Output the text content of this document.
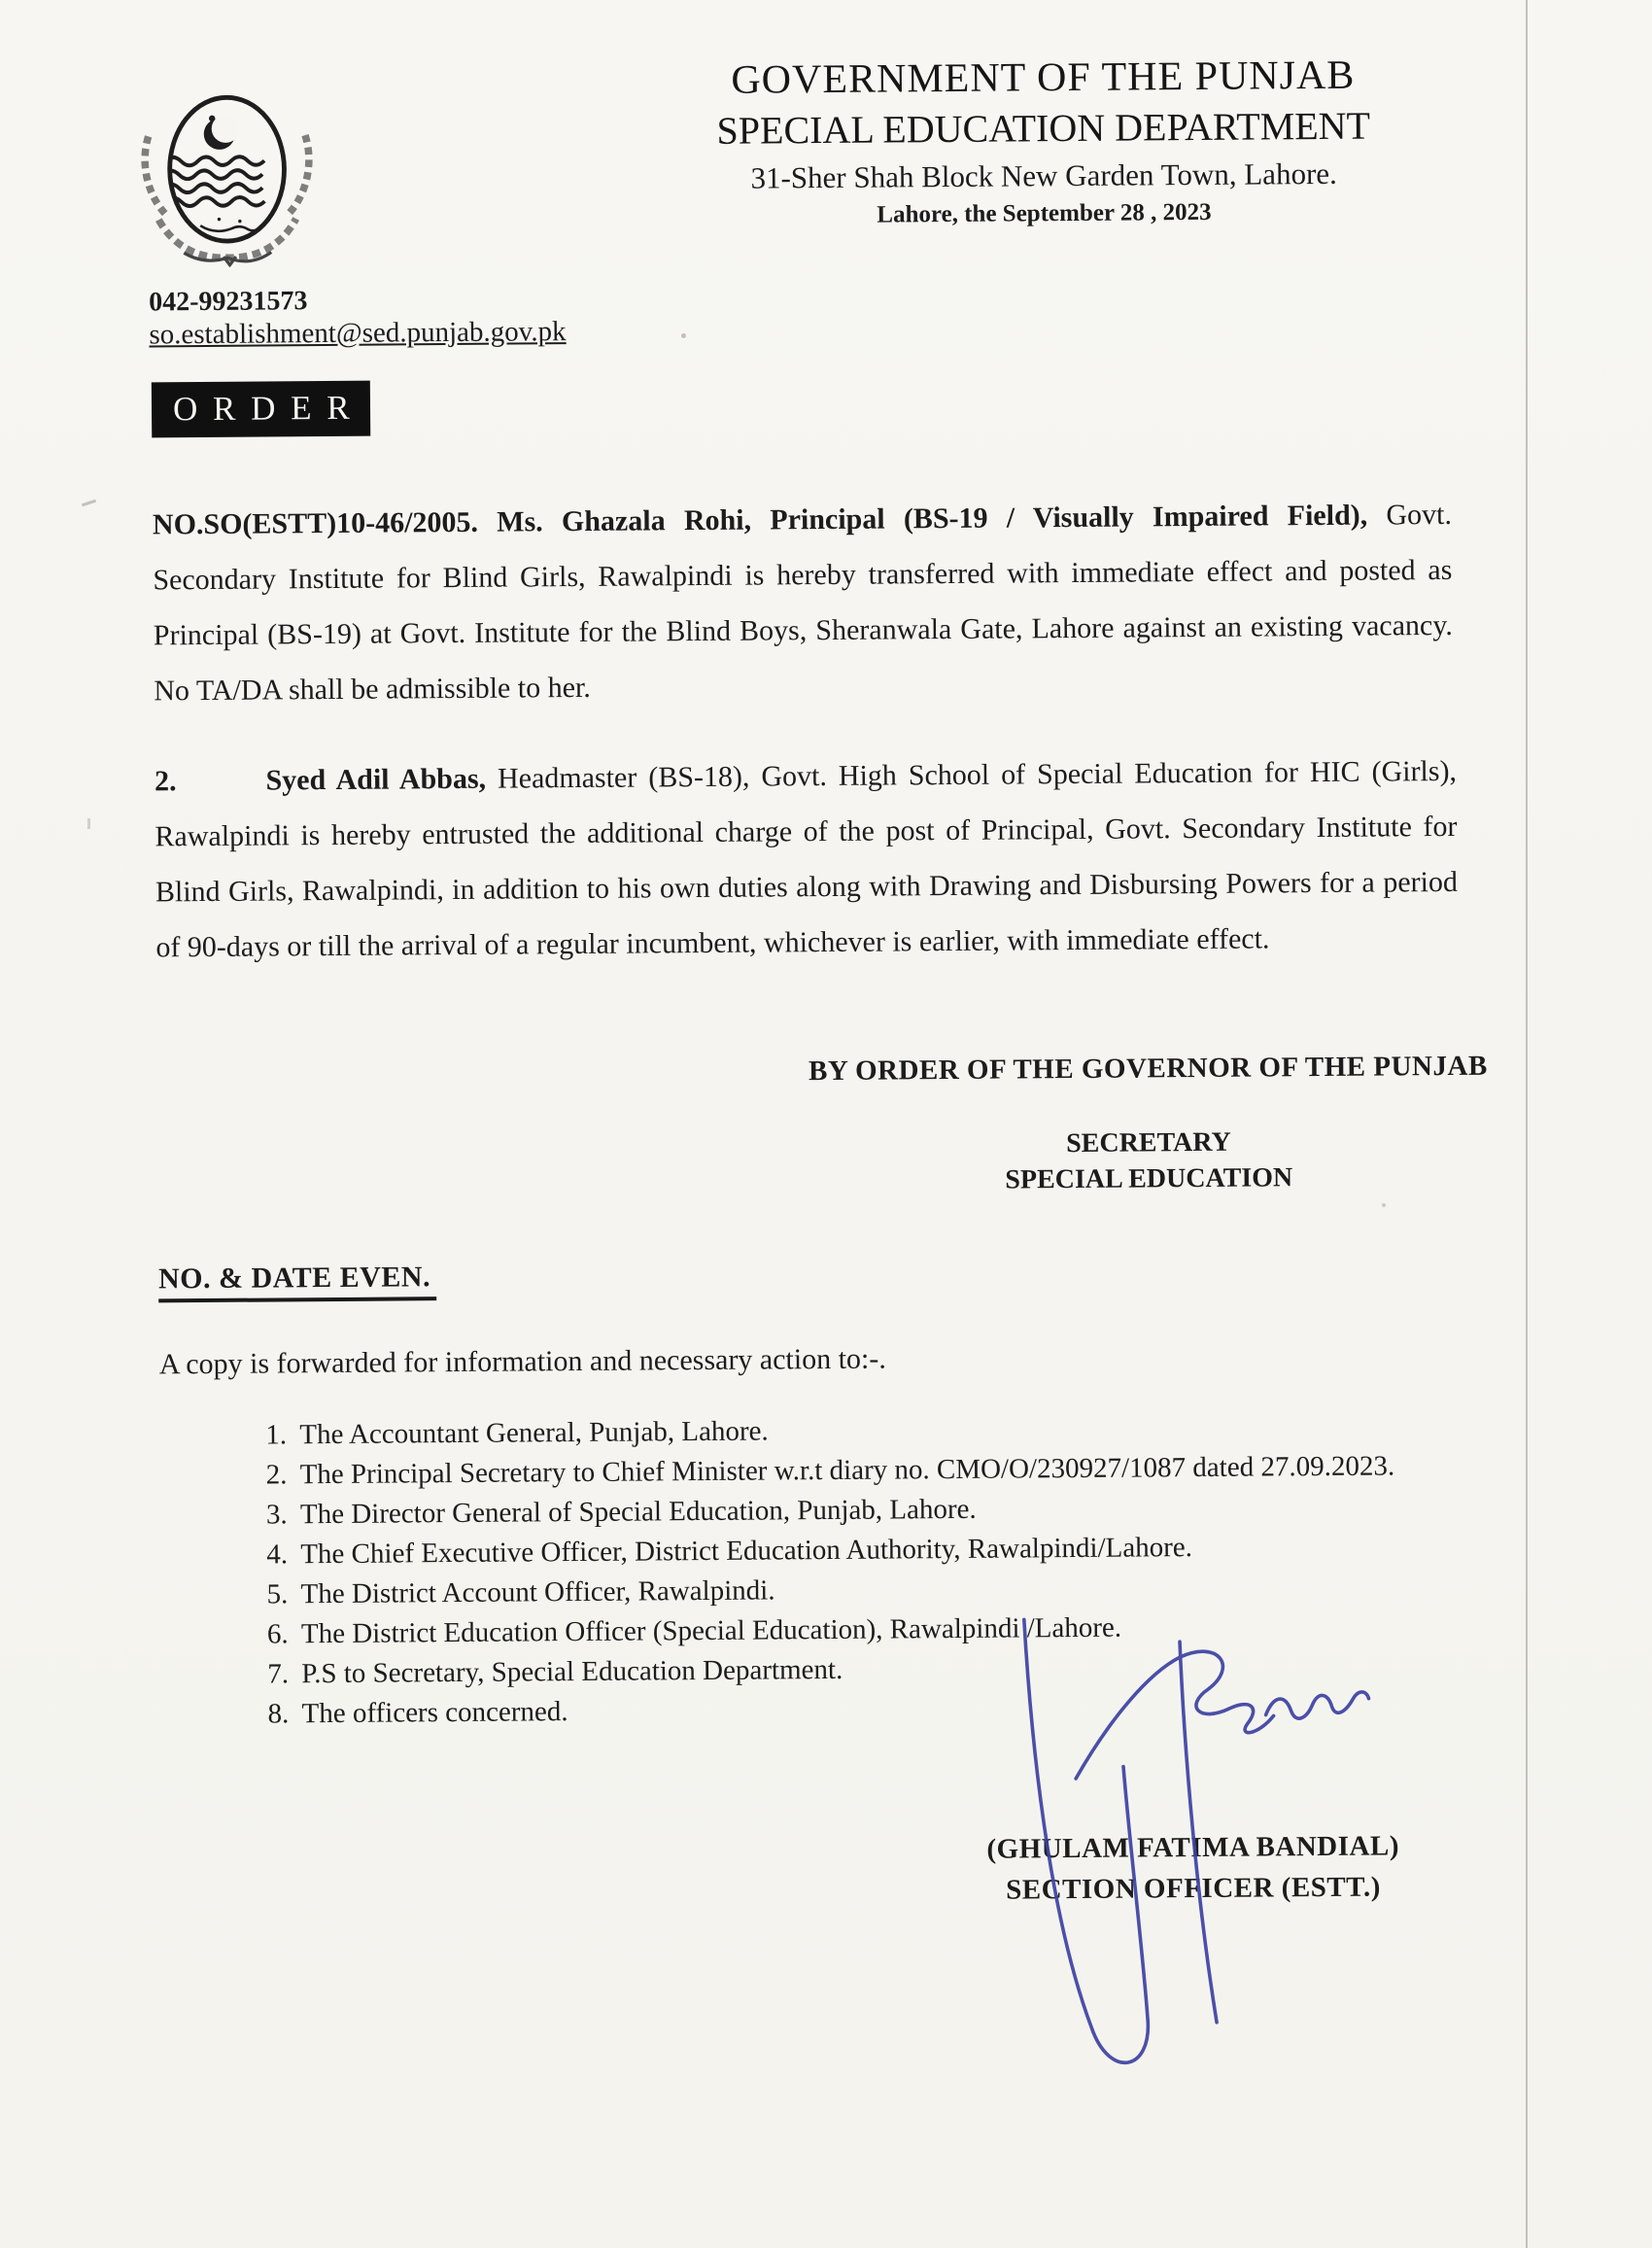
GOVERNMENT OF THE PUNJAB
SPECIAL EDUCATION DEPARTMENT
31-Sher Shah Block New Garden Town, Lahore.
Lahore, the September 28 , 2023
042-99231573
so.establishment@sed.punjab.gov.pk
ORDER

NO.SO(ESTT)10-46/2005. Ms. Ghazala Rohi, Principal (BS-19 / Visually Impaired Field), Govt. Secondary Institute for Blind Girls, Rawalpindi is hereby transferred with immediate effect and posted as Principal (BS-19) at Govt. Institute for the Blind Boys, Sheranwala Gate, Lahore against an existing vacancy. No TA/DA shall be admissible to her.

2.	Syed Adil Abbas, Headmaster (BS-18), Govt. High School of Special Education for HIC (Girls), Rawalpindi is hereby entrusted the additional charge of the post of Principal, Govt. Secondary Institute for Blind Girls, Rawalpindi, in addition to his own duties along with Drawing and Disbursing Powers for a period of 90-days or till the arrival of a regular incumbent, whichever is earlier, with immediate effect.

BY ORDER OF THE GOVERNOR OF THE PUNJAB
SECRETARY
SPECIAL EDUCATION
NO. & DATE EVEN.
A copy is forwarded for information and necessary action to:-.
1. The Accountant General, Punjab, Lahore.
2. The Principal Secretary to Chief Minister w.r.t diary no. CMO/O/230927/1087 dated 27.09.2023.
3. The Director General of Special Education, Punjab, Lahore.
4. The Chief Executive Officer, District Education Authority, Rawalpindi/Lahore.
5. The District Account Officer, Rawalpindi.
6. The District Education Officer (Special Education), Rawalpindi /Lahore.
7. P.S to Secretary, Special Education Department.
8. The officers concerned.
(GHULAM FATIMA BANDIAL)
SECTION OFFICER (ESTT.)
